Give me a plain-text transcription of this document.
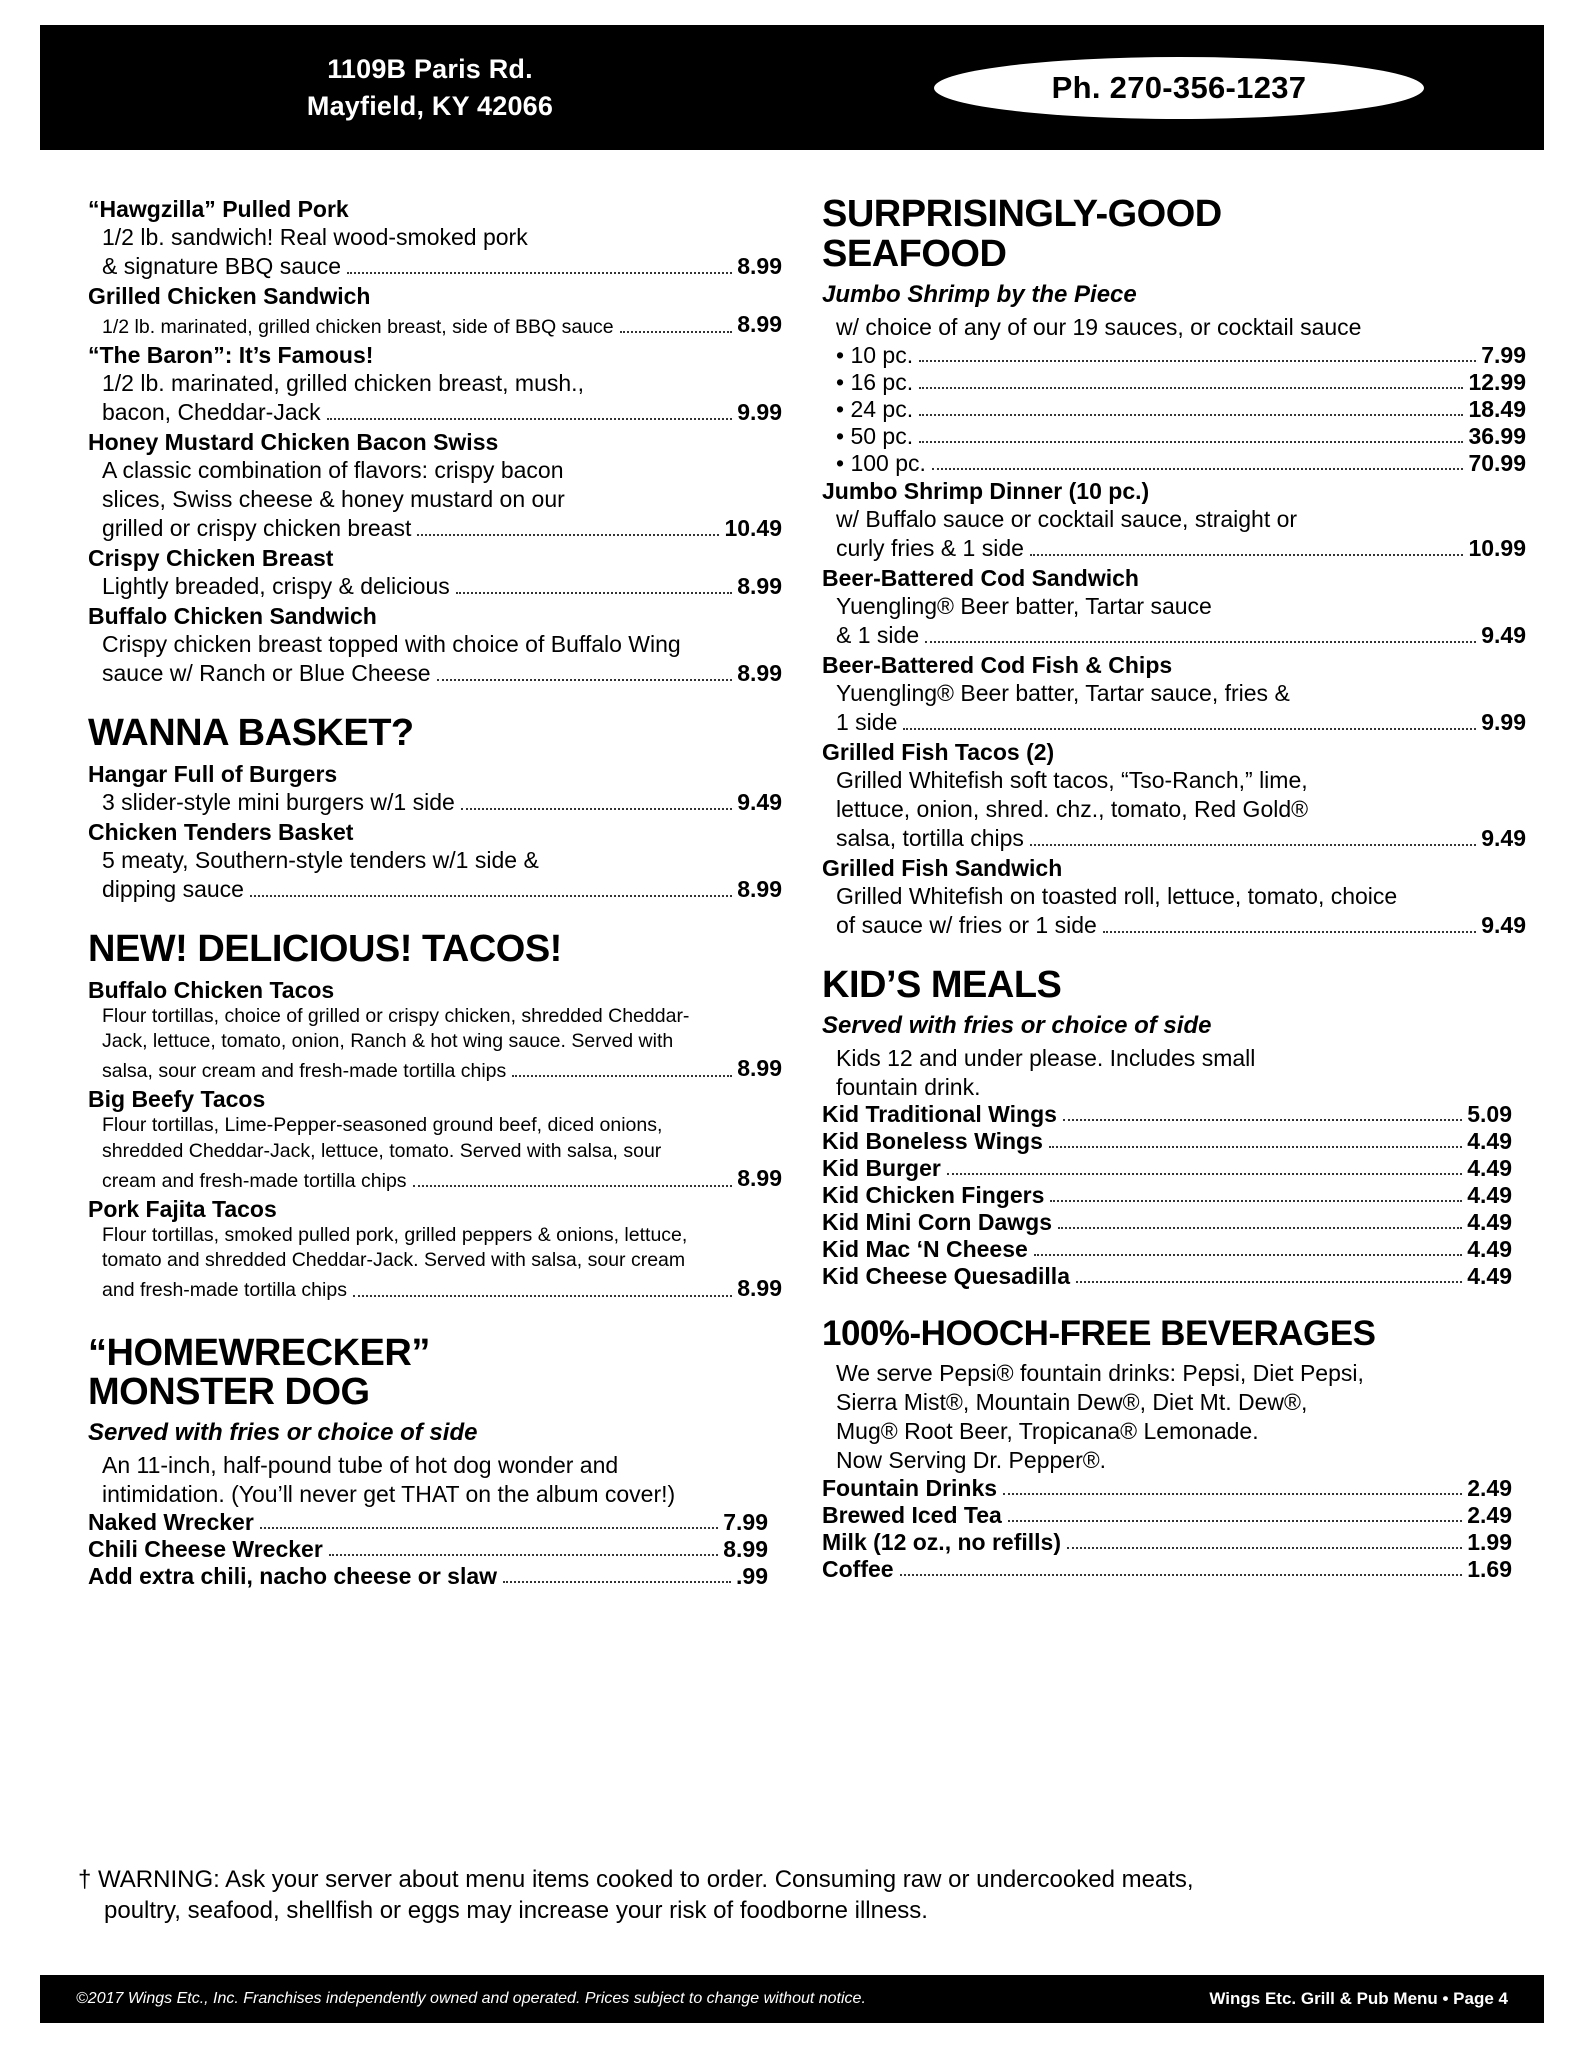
1109B Paris Rd.
Mayfield, KY 42066
Ph. 270-356-1237
“Hawgzilla” Pulled Pork
1/2 lb. sandwich! Real wood-smoked pork
& signature BBQ sauce	8.99
Grilled Chicken Sandwich
1/2 lb. marinated, grilled chicken breast, side of BBQ sauce	8.99
“The Baron”: It’s Famous!
1/2 lb. marinated, grilled chicken breast, mush.,
bacon, Cheddar-Jack	9.99
Honey Mustard Chicken Bacon Swiss
A classic combination of flavors: crispy bacon
slices, Swiss cheese & honey mustard on our
grilled or crispy chicken breast	10.49
Crispy Chicken Breast
Lightly breaded, crispy & delicious	8.99
Buffalo Chicken Sandwich
Crispy chicken breast topped with choice of Buffalo Wing
sauce w/ Ranch or Blue Cheese	8.99
WANNA BASKET?
Hangar Full of Burgers
3 slider-style mini burgers w/1 side	9.49
Chicken Tenders Basket
5 meaty, Southern-style tenders w/1 side &
dipping sauce	8.99
NEW! DELICIOUS! TACOS!
Buffalo Chicken Tacos
Flour tortillas, choice of grilled or crispy chicken, shredded Cheddar-
Jack, lettuce, tomato, onion, Ranch & hot wing sauce. Served with
salsa, sour cream and fresh-made tortilla chips	8.99
Big Beefy Tacos
Flour tortillas, Lime-Pepper-seasoned ground beef, diced onions,
shredded Cheddar-Jack, lettuce, tomato. Served with salsa, sour
cream and fresh-made tortilla chips	8.99
Pork Fajita Tacos
Flour tortillas, smoked pulled pork, grilled peppers & onions, lettuce,
tomato and shredded Cheddar-Jack. Served with salsa, sour cream
and fresh-made tortilla chips	8.99
“HOMEWRECKER”
MONSTER DOG
Served with fries or choice of side
An 11-inch, half-pound tube of hot dog wonder and
intimidation. (You’ll never get THAT on the album cover!)
Naked Wrecker	7.99
Chili Cheese Wrecker	8.99
Add extra chili, nacho cheese or slaw	.99
SURPRISINGLY-GOOD
SEAFOOD
Jumbo Shrimp by the Piece
w/ choice of any of our 19 sauces, or cocktail sauce
• 10 pc.	7.99
• 16 pc.	12.99
• 24 pc.	18.49
• 50 pc.	36.99
• 100 pc.	70.99
Jumbo Shrimp Dinner (10 pc.)
w/ Buffalo sauce or cocktail sauce, straight or
curly fries & 1 side	10.99
Beer-Battered Cod Sandwich
Yuengling® Beer batter, Tartar sauce
& 1 side	9.49
Beer-Battered Cod Fish & Chips
Yuengling® Beer batter, Tartar sauce, fries &
1 side	9.99
Grilled Fish Tacos (2)
Grilled Whitefish soft tacos, “Tso-Ranch,” lime,
lettuce, onion, shred. chz., tomato, Red Gold®
salsa, tortilla chips	9.49
Grilled Fish Sandwich
Grilled Whitefish on toasted roll, lettuce, tomato, choice
of sauce w/ fries or 1 side	9.49
KID’S MEALS
Served with fries or choice of side
Kids 12 and under please. Includes small
fountain drink.
Kid Traditional Wings	5.09
Kid Boneless Wings	4.49
Kid Burger	4.49
Kid Chicken Fingers	4.49
Kid Mini Corn Dawgs	4.49
Kid Mac ‘N Cheese	4.49
Kid Cheese Quesadilla	4.49
100%-HOOCH-FREE BEVERAGES
We serve Pepsi® fountain drinks: Pepsi, Diet Pepsi,
Sierra Mist®, Mountain Dew®, Diet Mt. Dew®,
Mug® Root Beer, Tropicana® Lemonade.
Now Serving Dr. Pepper®.
Fountain Drinks	2.49
Brewed Iced Tea	2.49
Milk (12 oz., no refills)	1.99
Coffee	1.69
† WARNING: Ask your server about menu items cooked to order. Consuming raw or undercooked meats,
poultry, seafood, shellfish or eggs may increase your risk of foodborne illness.
©2017 Wings Etc., Inc. Franchises independently owned and operated. Prices subject to change without notice.	Wings Etc. Grill & Pub Menu • Page 4
